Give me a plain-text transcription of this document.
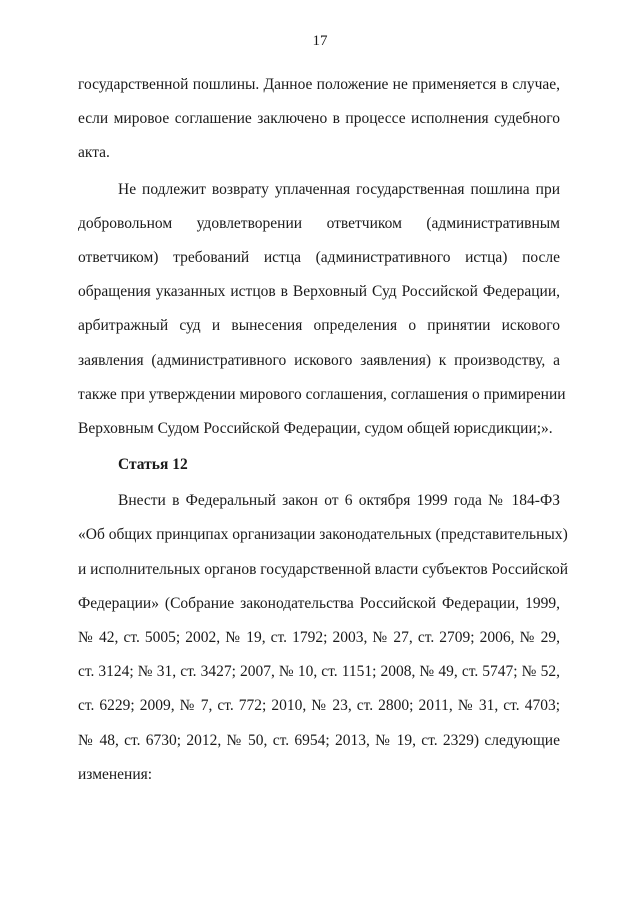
17
государственной пошлины. Данное положение не применяется в случае,
если мировое соглашение заключено в процессе исполнения судебного
акта.
Не подлежит возврату уплаченная государственная пошлина при
добровольном удовлетворении ответчиком (административным
ответчиком) требований истца (административного истца) после
обращения указанных истцов в Верховный Суд Российской Федерации,
арбитражный суд и вынесения определения о принятии искового
заявления (административного искового заявления) к производству, а
также при утверждении мирового соглашения, соглашения о примирении
Верховным Судом Российской Федерации, судом общей юрисдикции;».
Статья 12
Внести в Федеральный закон от 6 октября 1999 года № 184-ФЗ
«Об общих принципах организации законодательных (представительных)
и исполнительных органов государственной власти субъектов Российской
Федерации» (Собрание законодательства Российской Федерации, 1999,
№ 42, ст. 5005; 2002, № 19, ст. 1792; 2003, № 27, ст. 2709; 2006, № 29,
ст. 3124; № 31, ст. 3427; 2007, № 10, ст. 1151; 2008, № 49, ст. 5747; № 52,
ст. 6229; 2009, № 7, ст. 772; 2010, № 23, ст. 2800; 2011, № 31, ст. 4703;
№ 48, ст. 6730; 2012, № 50, ст. 6954; 2013, № 19, ст. 2329) следующие
изменения:
